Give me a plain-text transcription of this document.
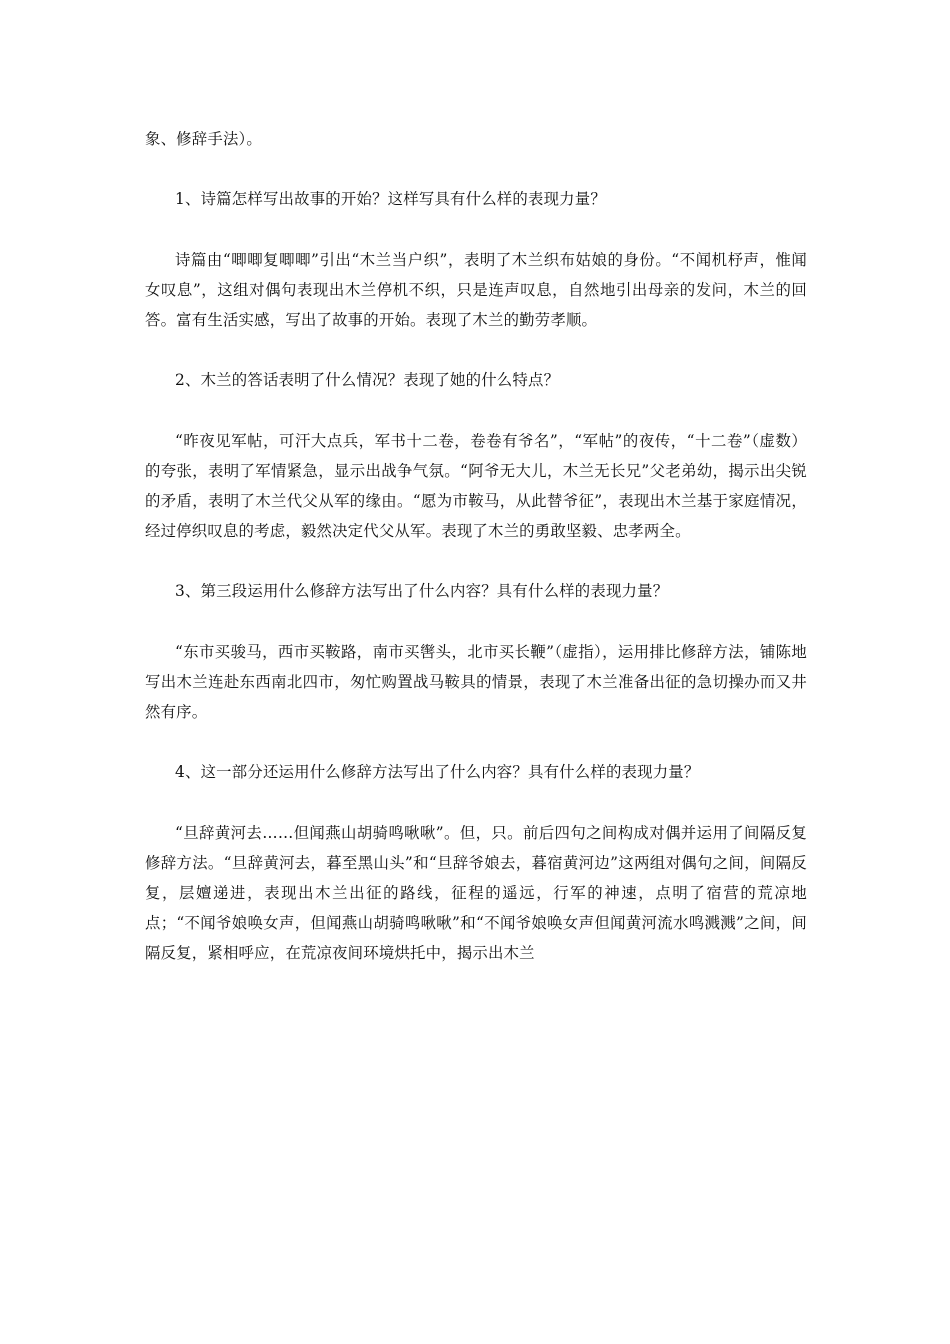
象、修辞手法）。

1、诗篇怎样写出故事的开始？这样写具有什么样的表现力量？

诗篇由“唧唧复唧唧”引出“木兰当户织”，表明了木兰织布姑娘的身份。“不闻机杼声，惟闻女叹息”，这组对偶句表现出木兰停机不织，只是连声叹息，自然地引出母亲的发问，木兰的回答。富有生活实感，写出了故事的开始。表现了木兰的勤劳孝顺。

2、木兰的答话表明了什么情况？表现了她的什么特点？

“昨夜见军帖，可汗大点兵，军书十二卷，卷卷有爷名”，“军帖”的夜传，“十二卷”（虚数）的夸张，表明了军情紧急，显示出战争气氛。“阿爷无大儿，木兰无长兄”父老弟幼，揭示出尖锐的矛盾，表明了木兰代父从军的缘由。“愿为市鞍马，从此替爷征”，表现出木兰基于家庭情况，经过停织叹息的考虑，毅然决定代父从军。表现了木兰的勇敢坚毅、忠孝两全。

3、第三段运用什么修辞方法写出了什么内容？具有什么样的表现力量？

“东市买骏马，西市买鞍路，南市买辔头，北市买长鞭”（虚指），运用排比修辞方法，铺陈地写出木兰连赴东西南北四市，匆忙购置战马鞍具的情景，表现了木兰准备出征的急切操办而又井然有序。

4、这一部分还运用什么修辞方法写出了什么内容？具有什么样的表现力量？

“旦辞黄河去……但闻燕山胡骑鸣啾啾”。但，只。前后四句之间构成对偶并运用了间隔反复修辞方法。“旦辞黄河去，暮至黑山头”和“旦辞爷娘去，暮宿黄河边”这两组对偶句之间，间隔反复，层嬗递进，表现出木兰出征的路线，征程的遥远，行军的神速，点明了宿营的荒凉地点；“不闻爷娘唤女声，但闻燕山胡骑鸣啾啾”和“不闻爷娘唤女声但闻黄河流水鸣溅溅”之间，间隔反复，紧相呼应，在荒凉夜间环境烘托中，揭示出木兰
